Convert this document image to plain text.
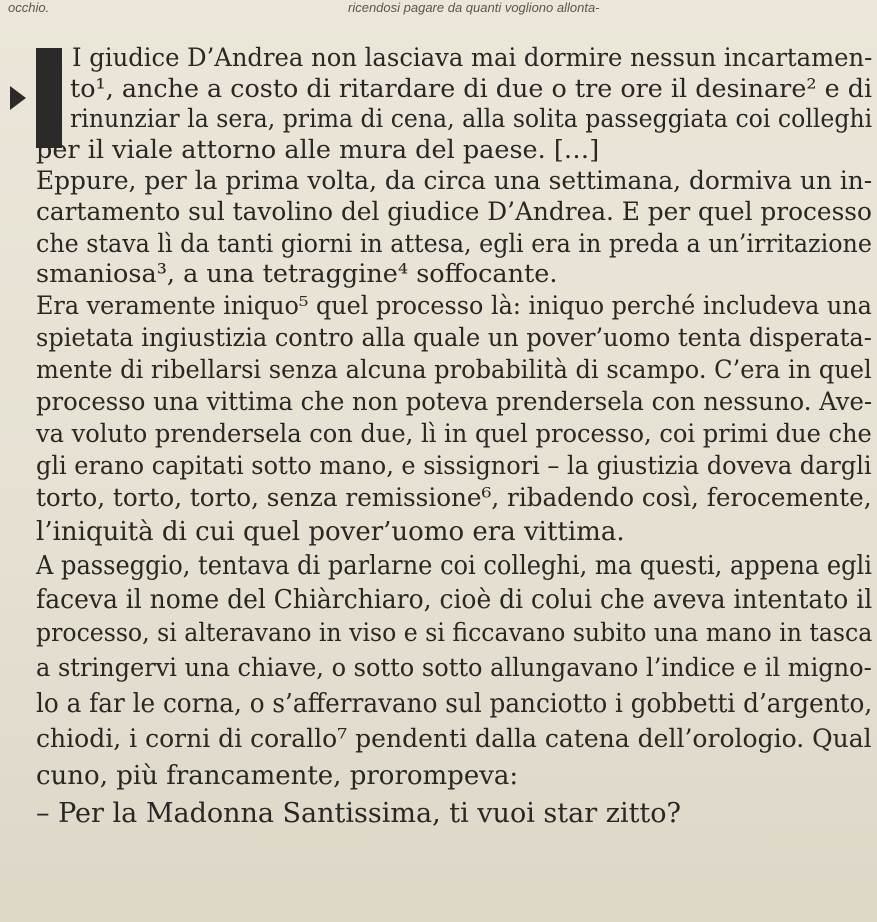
occhio.	ricendosi pagare da quanti vogliono allonta-
I giudice D’Andrea non lasciava mai dormire nessun incartamen-
to¹, anche a costo di ritardare di due o tre ore il desinare² e di
rinunziar la sera, prima di cena, alla solita passeggiata coi colleghi
per il viale attorno alle mura del paese. […]
Eppure, per la prima volta, da circa una settimana, dormiva un in-
cartamento sul tavolino del giudice D’Andrea. E per quel processo
che stava lì da tanti giorni in attesa, egli era in preda a un’irritazione
smaniosa³, a una tetraggine⁴ soffocante.
Era veramente iniquo⁵ quel processo là: iniquo perché includeva una
spietata ingiustizia contro alla quale un pover’uomo tenta disperata-
mente di ribellarsi senza alcuna probabilità di scampo. C’era in quel
processo una vittima che non poteva prendersela con nessuno. Ave-
va voluto prendersela con due, lì in quel processo, coi primi due che
gli erano capitati sotto mano, e sissignori – la giustizia doveva dargli
torto, torto, torto, senza remissione⁶, ribadendo così, ferocemente,
l’iniquità di cui quel pover’uomo era vittima.
A passeggio, tentava di parlarne coi colleghi, ma questi, appena egli
faceva il nome del Chiàrchiaro, cioè di colui che aveva intentato il
processo, si alteravano in viso e si ficcavano subito una mano in tasca
a stringervi una chiave, o sotto sotto allungavano l’indice e il migno-
lo a far le corna, o s’afferravano sul panciotto i gobbetti d’argento,
chiodi, i corni di corallo⁷ pendenti dalla catena dell’orologio. Qual
cuno, più francamente, prorompeva:
– Per la Madonna Santissima, ti vuoi star zitto?
